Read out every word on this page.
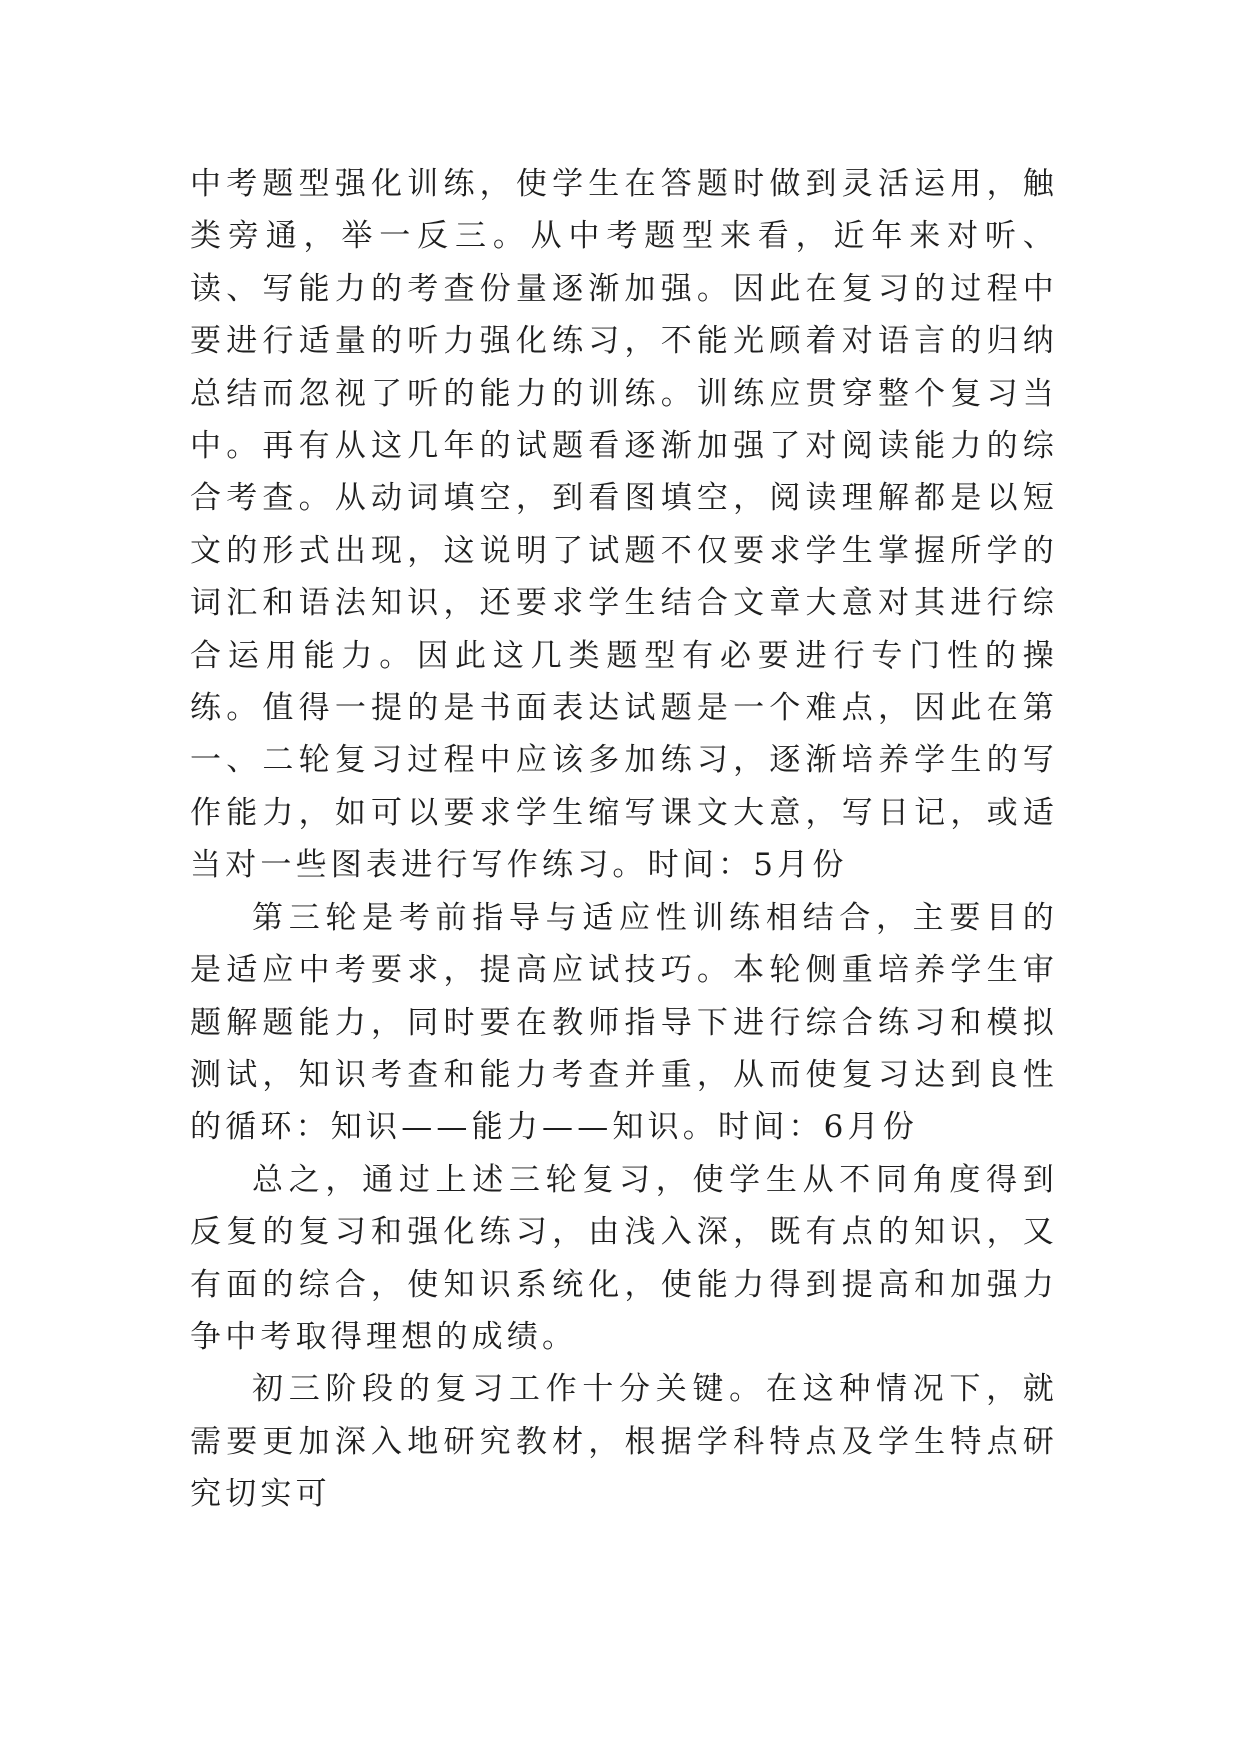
中考题型强化训练，使学生在答题时做到灵活运用，触类旁通，举一反三。从中考题型来看，近年来对听、读、写能力的考查份量逐渐加强。因此在复习的过程中要进行适量的听力强化练习，不能光顾着对语言的归纳总结而忽视了听的能力的训练。训练应贯穿整个复习当中。再有从这几年的试题看逐渐加强了对阅读能力的综合考查。从动词填空，到看图填空，阅读理解都是以短文的形式出现，这说明了试题不仅要求学生掌握所学的词汇和语法知识，还要求学生结合文章大意对其进行综合运用能力。因此这几类题型有必要进行专门性的操练。值得一提的是书面表达试题是一个难点，因此在第一、二轮复习过程中应该多加练习，逐渐培养学生的写作能力，如可以要求学生缩写课文大意，写日记，或适当对一些图表进行写作练习。时间：5月份

第三轮是考前指导与适应性训练相结合，主要目的是适应中考要求，提高应试技巧。本轮侧重培养学生审题解题能力，同时要在教师指导下进行综合练习和模拟测试，知识考查和能力考查并重，从而使复习达到良性的循环：知识——能力——知识。时间：6月份

总之，通过上述三轮复习，使学生从不同角度得到反复的复习和强化练习，由浅入深，既有点的知识，又有面的综合，使知识系统化，使能力得到提高和加强力争中考取得理想的成绩。

初三阶段的复习工作十分关键。在这种情况下，就需要更加深入地研究教材，根据学科特点及学生特点研究切实可
